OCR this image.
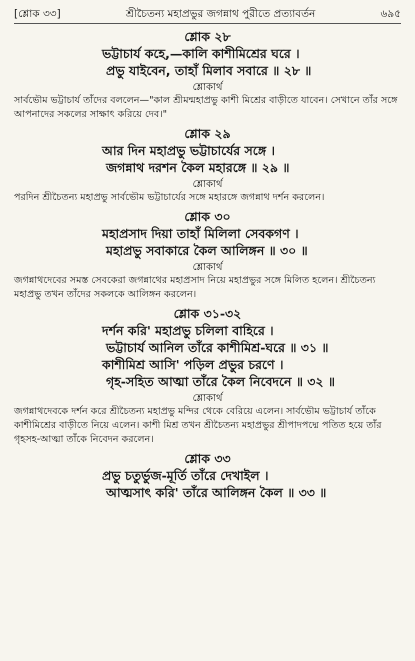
[শ্লোক ৩৩]	শ্রীচৈতন্য মহাপ্রভুর জগন্নাথ পুরীতে প্রত্যাবর্তন	৬৯৫
শ্লোক ২৮
ভট্টাচার্য কহে,—কালি কাশীমিশ্রের ঘরে ।
প্রভু যাইবেন, তাহাঁ মিলাব সবারে ॥ ২৮ ॥
শ্লোকার্থ

সার্বভৌম ভট্টাচার্য তাঁদের বললেন—"কাল শ্রীমন্মহাপ্রভু কাশী মিশ্রের বাড়ীতে যাবেন। সেখানে তাঁর সঙ্গে আপনাদের সকলের সাক্ষাৎ করিয়ে দেব।"

শ্লোক ২৯
আর দিন মহাপ্রভু ভট্টাচার্যের সঙ্গে ।
জগন্নাথ দরশন কৈল মহারঙ্গে ॥ ২৯ ॥
শ্লোকার্থ

পরদিন শ্রীচৈতন্য মহাপ্রভু সার্বভৌম ভট্টাচার্যের সঙ্গে মহারঙ্গে জগন্নাথ দর্শন করলেন।

শ্লোক ৩০
মহাপ্রসাদ দিয়া তাহাঁ মিলিলা সেবকগণ ।
মহাপ্রভু সবাকারে কৈল আলিঙ্গন ॥ ৩০ ॥
শ্লোকার্থ

জগন্নাথদেবের সমস্ত সেবকেরা জগন্নাথের মহাপ্রসাদ নিয়ে মহাপ্রভুর সঙ্গে মিলিত হলেন। শ্রীচৈতন্য মহাপ্রভু তখন তাঁদের সকলকে আলিঙ্গন করলেন।

শ্লোক ৩১-৩২
দর্শন করি' মহাপ্রভু চলিলা বাহিরে ।
ভট্টাচার্য আনিল তাঁরে কাশীমিশ্র-ঘরে ॥ ৩১ ॥
কাশীমিশ্র আসি' পড়িল প্রভুর চরণে ।
গৃহ-সহিত আত্মা তাঁরে কৈল নিবেদনে ॥ ৩২ ॥
শ্লোকার্থ

জগন্নাথদেবকে দর্শন করে শ্রীচৈতন্য মহাপ্রভু মন্দির থেকে বেরিয়ে এলেন। সার্বভৌম ভট্টাচার্য তাঁকে কাশীমিশ্রের বাড়ীতে নিয়ে এলেন। কাশী মিশ্র তখন শ্রীচৈতন্য মহাপ্রভুর শ্রীপাদপদ্মে পতিত হয়ে তাঁর গৃহসহ-আত্মা তাঁকে নিবেদন করলেন।

শ্লোক ৩৩
প্রভু চতুর্ভুজ-মূর্তি তাঁরে দেখাইল ।
আত্মসাৎ করি' তাঁরে আলিঙ্গন কৈল ॥ ৩৩ ॥
